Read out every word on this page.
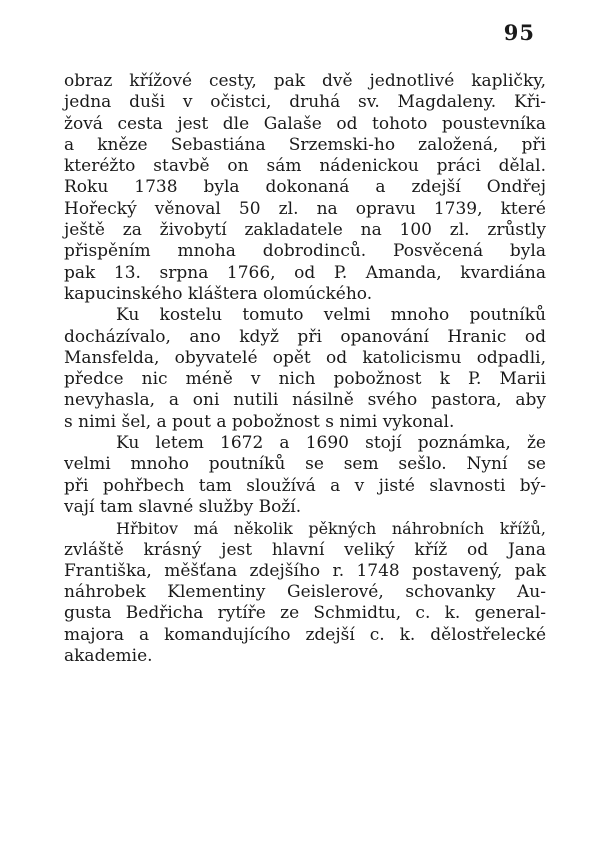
95
obraz křížové cesty, pak dvě jednotlivé kapličky,
jedna duši v očistci, druhá sv. Magdaleny. Kři-
žová cesta jest dle Galaše od tohoto poustevníka
a kněze Sebastiána Srzemski-ho založená, při
kteréžto stavbě on sám nádenickou práci dělal.
Roku 1738 byla dokonaná a zdejší Ondřej
Hořecký věnoval 50 zl. na opravu 1739, které
ještě za živobytí zakladatele na 100 zl. zrůstly
přispěním mnoha dobrodinců. Posvěcená byla
pak 13. srpna 1766, od P. Amanda, kvardiána
kapucinského kláštera olomúckého.
Ku kostelu tomuto velmi mnoho poutníků
docházívalo, ano když při opanování Hranic od
Mansfelda, obyvatelé opět od katolicismu odpadli,
předce nic méně v nich pobožnost k P. Marii
nevyhasla, a oni nutili násilně svého pastora, aby
s nimi šel, a pout a pobožnost s nimi vykonal.
Ku letem 1672 a 1690 stojí poznámka, že
velmi mnoho poutníků se sem sešlo. Nyní se
při pohřbech tam sloužívá a v jisté slavnosti bý-
vají tam slavné služby Boží.
Hřbitov má několik pěkných náhrobních křížů,
zvláště krásný jest hlavní veliký kříž od Jana
Františka, měšťana zdejšího r. 1748 postavený, pak
náhrobek Klementiny Geislerové, schovanky Au-
gusta Bedřicha rytíře ze Schmidtu, c. k. general-
majora a komandujícího zdejší c. k. dělostřelecké
akademie.
